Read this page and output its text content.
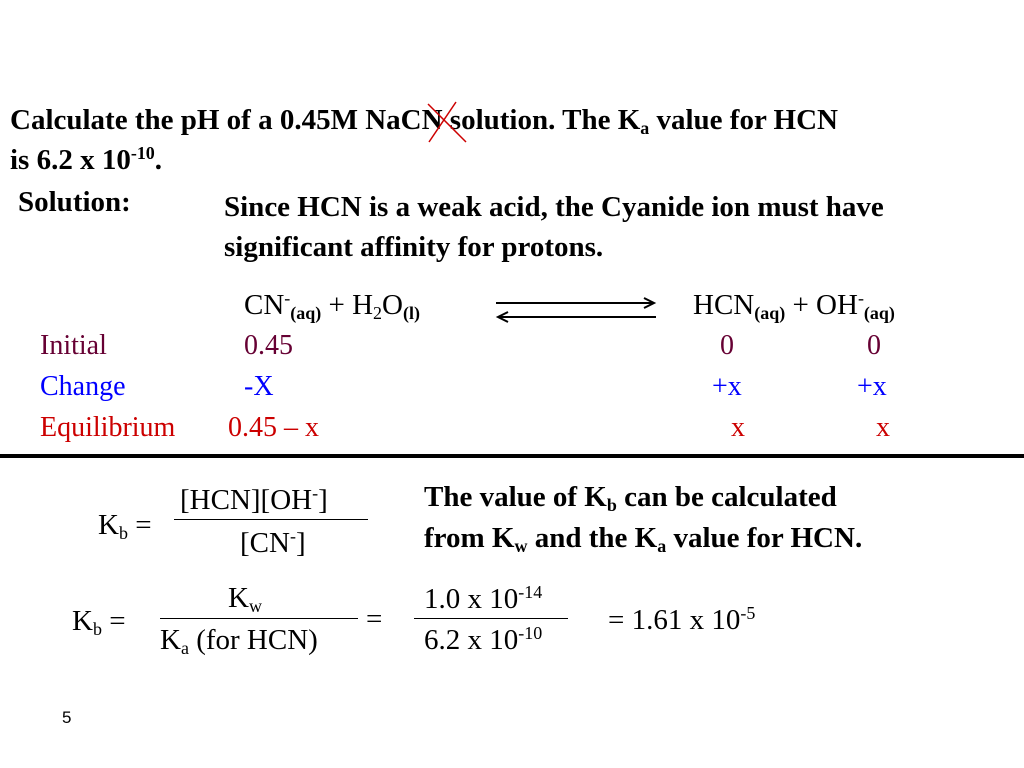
Calculate the pH of a 0.45M NaCN solution. The $K_a$ value for HCN
is 6.2 x $10^{-10}$.
Solution:	Since HCN is a weak acid, the Cyanide ion must have
significant affinity for protons.
$CN^-_{(aq)} + H_2O_{(l)}$	$HCN_{(aq)} + OH^-_{(aq)}$
Initial	0.45	0	0
Change	-X	+x	+x
Equilibrium 0.45 – x	x	x
$K_b$ =
[HCN][OH-]
[CN-]
The value of $K_b$ can be calculated
from $K_w$ and the $K_a$ value for HCN.
$K_b$ =
$K_w$
$K_a$ (for HCN)
=
1.0 x $10^{-14}$
6.2 x $10^{-10} = 1.61$ x $10^{-5}$
5
